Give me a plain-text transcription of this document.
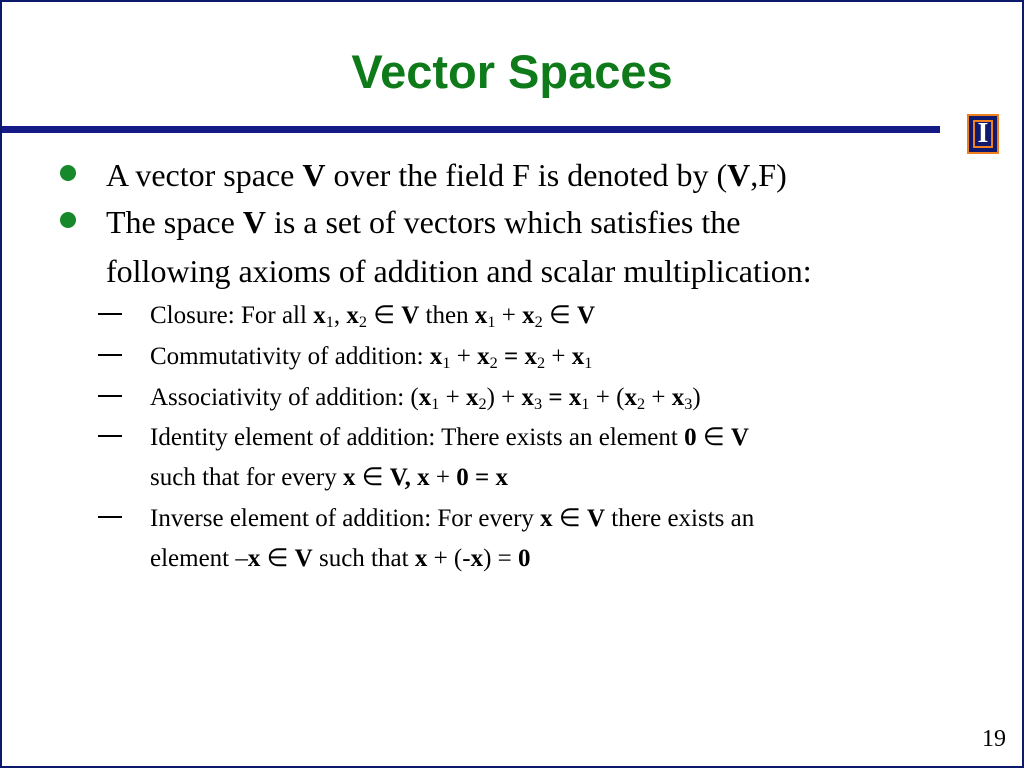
Vector Spaces
I
A vector space V over the field F is denoted by (V,F)
The space V is a set of vectors which satisfies the
following axioms of addition and scalar multiplication:
Closure: For all $x_1$, $x_2$ ∈ V then $x_1 + x_2$ ∈ V
Commutativity of addition: $x_1 + x_2 = x_2 + x_1$
Associativity of addition: $(x_1 + x_2) + x_3 = x_1 + (x_2 + x_3)$
Identity element of addition: There exists an element 0 ∈ V
such that for every x ∈ V, x + 0 = x
Inverse element of addition: For every x ∈ V there exists an
element –x ∈ V such that x + (-x) = 0
19
